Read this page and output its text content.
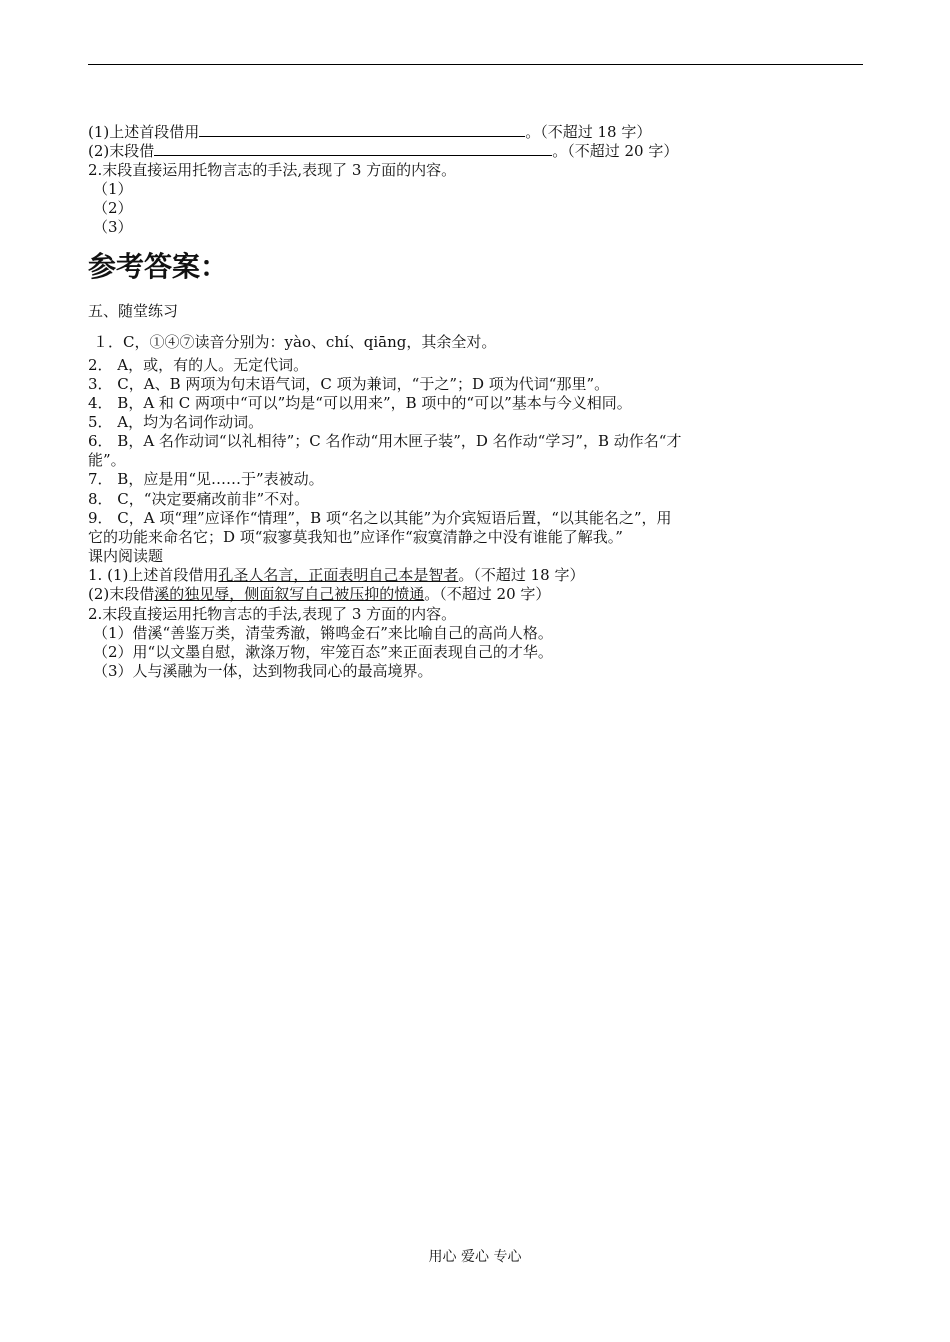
(1)上述首段借用	。（不超过 18 字）
(2)末段借	。（不超过 20 字）
2.末段直接运用托物言志的手法,表现了 3 方面的内容。
（1）
（2）
（3）
参考答案：
五、随堂练习
１．C，①④⑦读音分别为：yào、chí、qiāng，其余全对。
2． A，或，有的人。无定代词。
3． C，A、B 两项为句末语气词，C 项为兼词，“于之”；D 项为代词“那里”。
4． B，A 和 C 两项中“可以”均是“可以用来”，B 项中的“可以”基本与今义相同。
5． A，均为名词作动词。
6． B，A 名作动词“以礼相待”；C 名作动“用木匣子装”，D 名作动“学习”，B 动作名“才
能”。
7． B，应是用“见……于”表被动。
8． C，“决定要痛改前非”不对。
9． C，A 项“理”应译作“情理”，B 项“名之以其能”为介宾短语后置，“以其能名之”，用
它的功能来命名它；D 项“寂寥莫我知也”应译作“寂寞清静之中没有谁能了解我。”
课内阅读题
1. (1)上述首段借用孔圣人名言，正面表明自己本是智者。（不超过 18 字）
(2)末段借溪的独见辱，侧面叙写自己被压抑的愤通。（不超过 20 字）
2.末段直接运用托物言志的手法,表现了 3 方面的内容。
（1）借溪“善鉴万类，清莹秀澈，锵鸣金石”来比喻自己的高尚人格。
（2）用“以文墨自慰，漱涤万物，牢笼百态”来正面表现自己的才华。
（3）人与溪融为一体，达到物我同心的最高境界。
用心 爱心 专心
